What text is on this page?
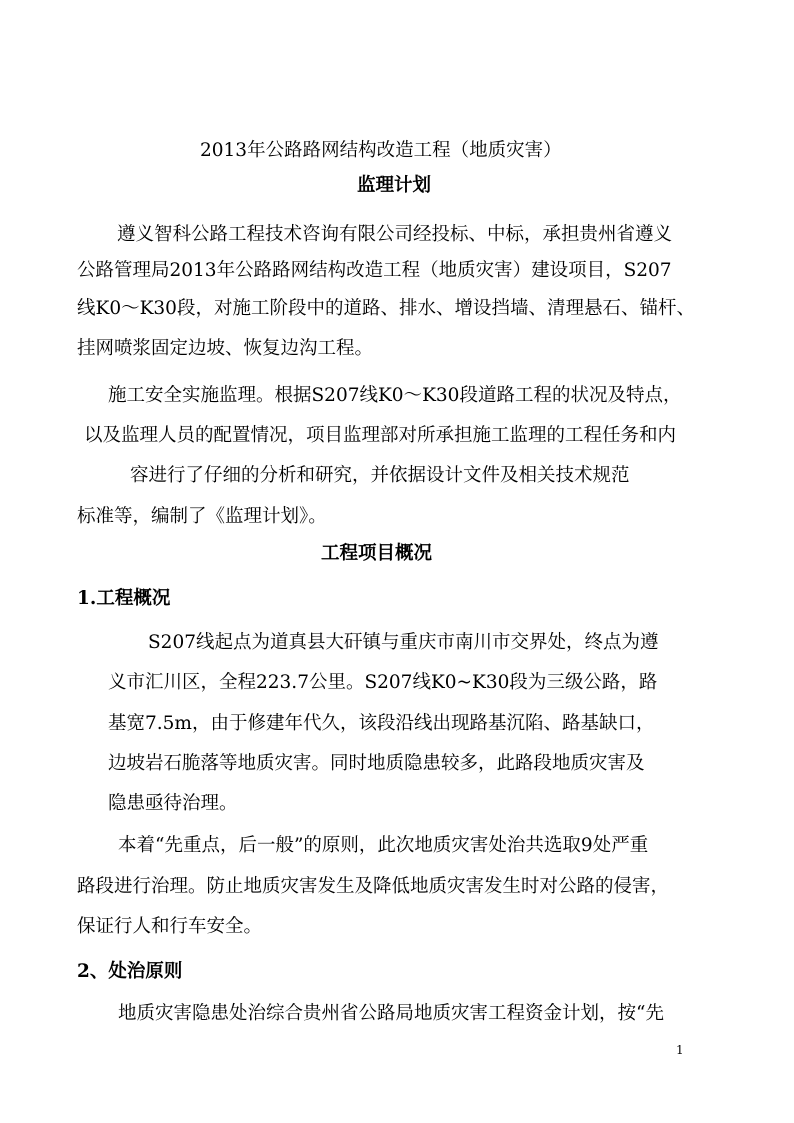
2013年公路路网结构改造工程（地质灾害）
监理计划
遵义智科公路工程技术咨询有限公司经投标、中标，承担贵州省遵义
公路管理局2013年公路路网结构改造工程（地质灾害）建设项目，S207
线K0～K30段，对施工阶段中的道路、排水、增设挡墙、清理悬石、锚杆、
挂网喷浆固定边坡、恢复边沟工程。
施工安全实施监理。根据S207线K0～K30段道路工程的状况及特点，
以及监理人员的配置情况，项目监理部对所承担施工监理的工程任务和内
容进行了仔细的分析和研究，并依据设计文件及相关技术规范
标准等，编制了《监理计划》。
工程项目概况
1.工程概况
S207线起点为道真县大矸镇与重庆市南川市交界处，终点为遵
义市汇川区，全程223.7公里。S207线K0~K30段为三级公路，路
基宽7.5m，由于修建年代久，该段沿线出现路基沉陷、路基缺口，
边坡岩石脆落等地质灾害。同时地质隐患较多，此路段地质灾害及
隐患亟待治理。
本着“先重点，后一般”的原则，此次地质灾害处治共选取9处严重
路段进行治理。防止地质灾害发生及降低地质灾害发生时对公路的侵害，
保证行人和行车安全。
2、处治原则
地质灾害隐患处治综合贵州省公路局地质灾害工程资金计划，按“先
1
